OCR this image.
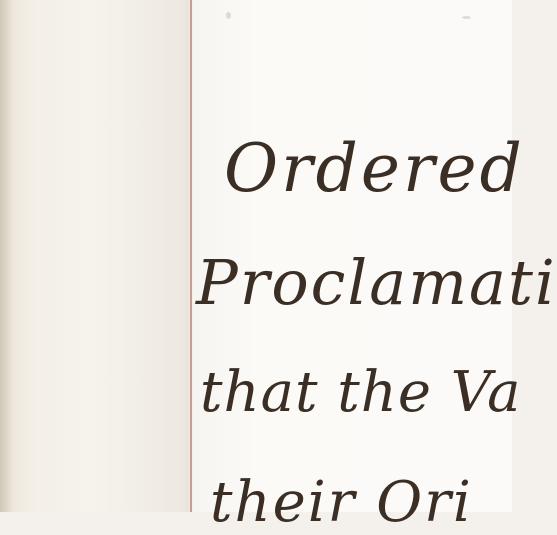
Ordered
Proclamati
that the Va
their Ori
